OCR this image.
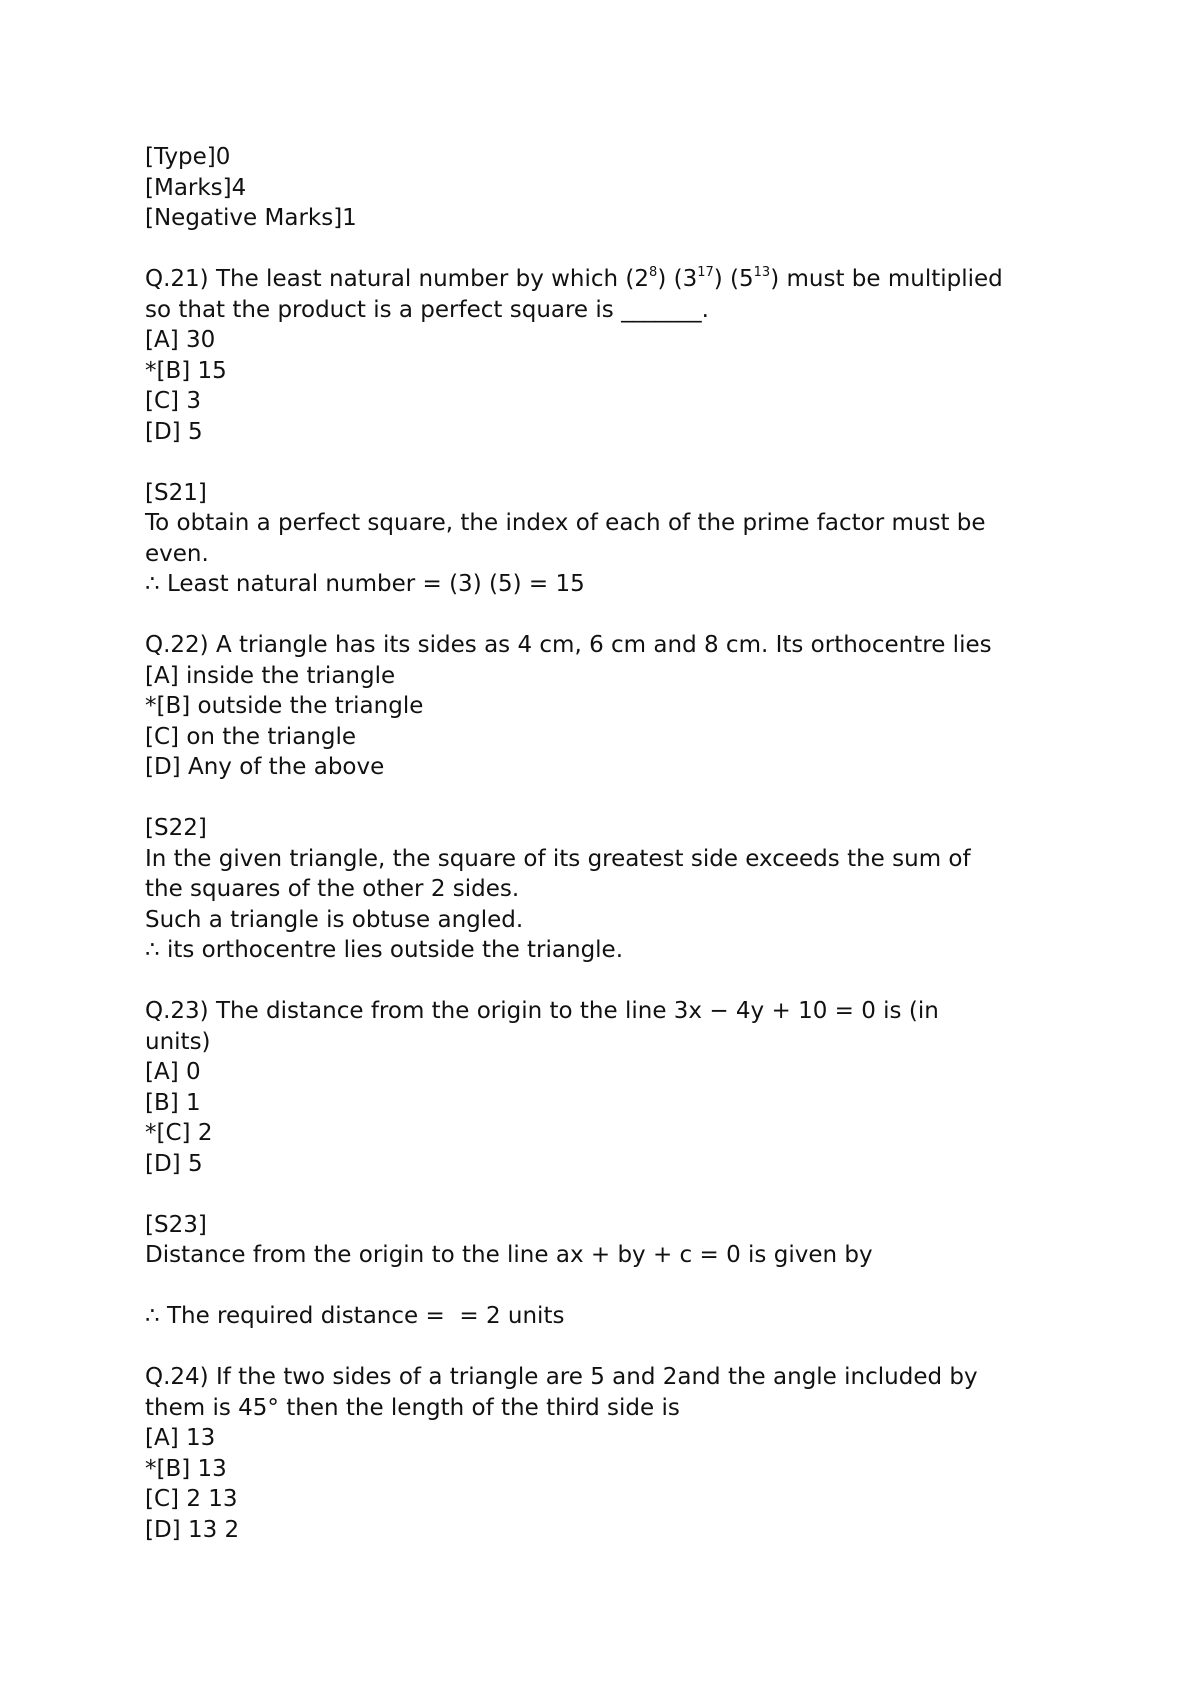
[Type]0
[Marks]4
[Negative Marks]1
Q.21) The least natural number by which $(2^8)$ $(3^{17})$ $(5^{13})$ must be multiplied
so that the product is a perfect square is _______.
[A] 30
*[B] 15
[C] 3
[D] 5
[S21]
To obtain a perfect square, the index of each of the prime factor must be
even.
∴ Least natural number = (3) (5) = 15
Q.22) A triangle has its sides as 4 cm, 6 cm and 8 cm. Its orthocentre lies
[A] inside the triangle
*[B] outside the triangle
[C] on the triangle
[D] Any of the above
[S22]
In the given triangle, the square of its greatest side exceeds the sum of
the squares of the other 2 sides.
Such a triangle is obtuse angled.
∴ its orthocentre lies outside the triangle.
Q.23) The distance from the origin to the line 3x − 4y + 10 = 0 is (in
units)
[A] 0
[B] 1
*[C] 2
[D] 5
[S23]
Distance from the origin to the line ax + by + c = 0 is given by
∴ The required distance =  = 2 units
Q.24) If the two sides of a triangle are 5 and 2and the angle included by
them is 45° then the length of the third side is
[A] 13
*[B] 13
[C] 2 13
[D] 13 2
